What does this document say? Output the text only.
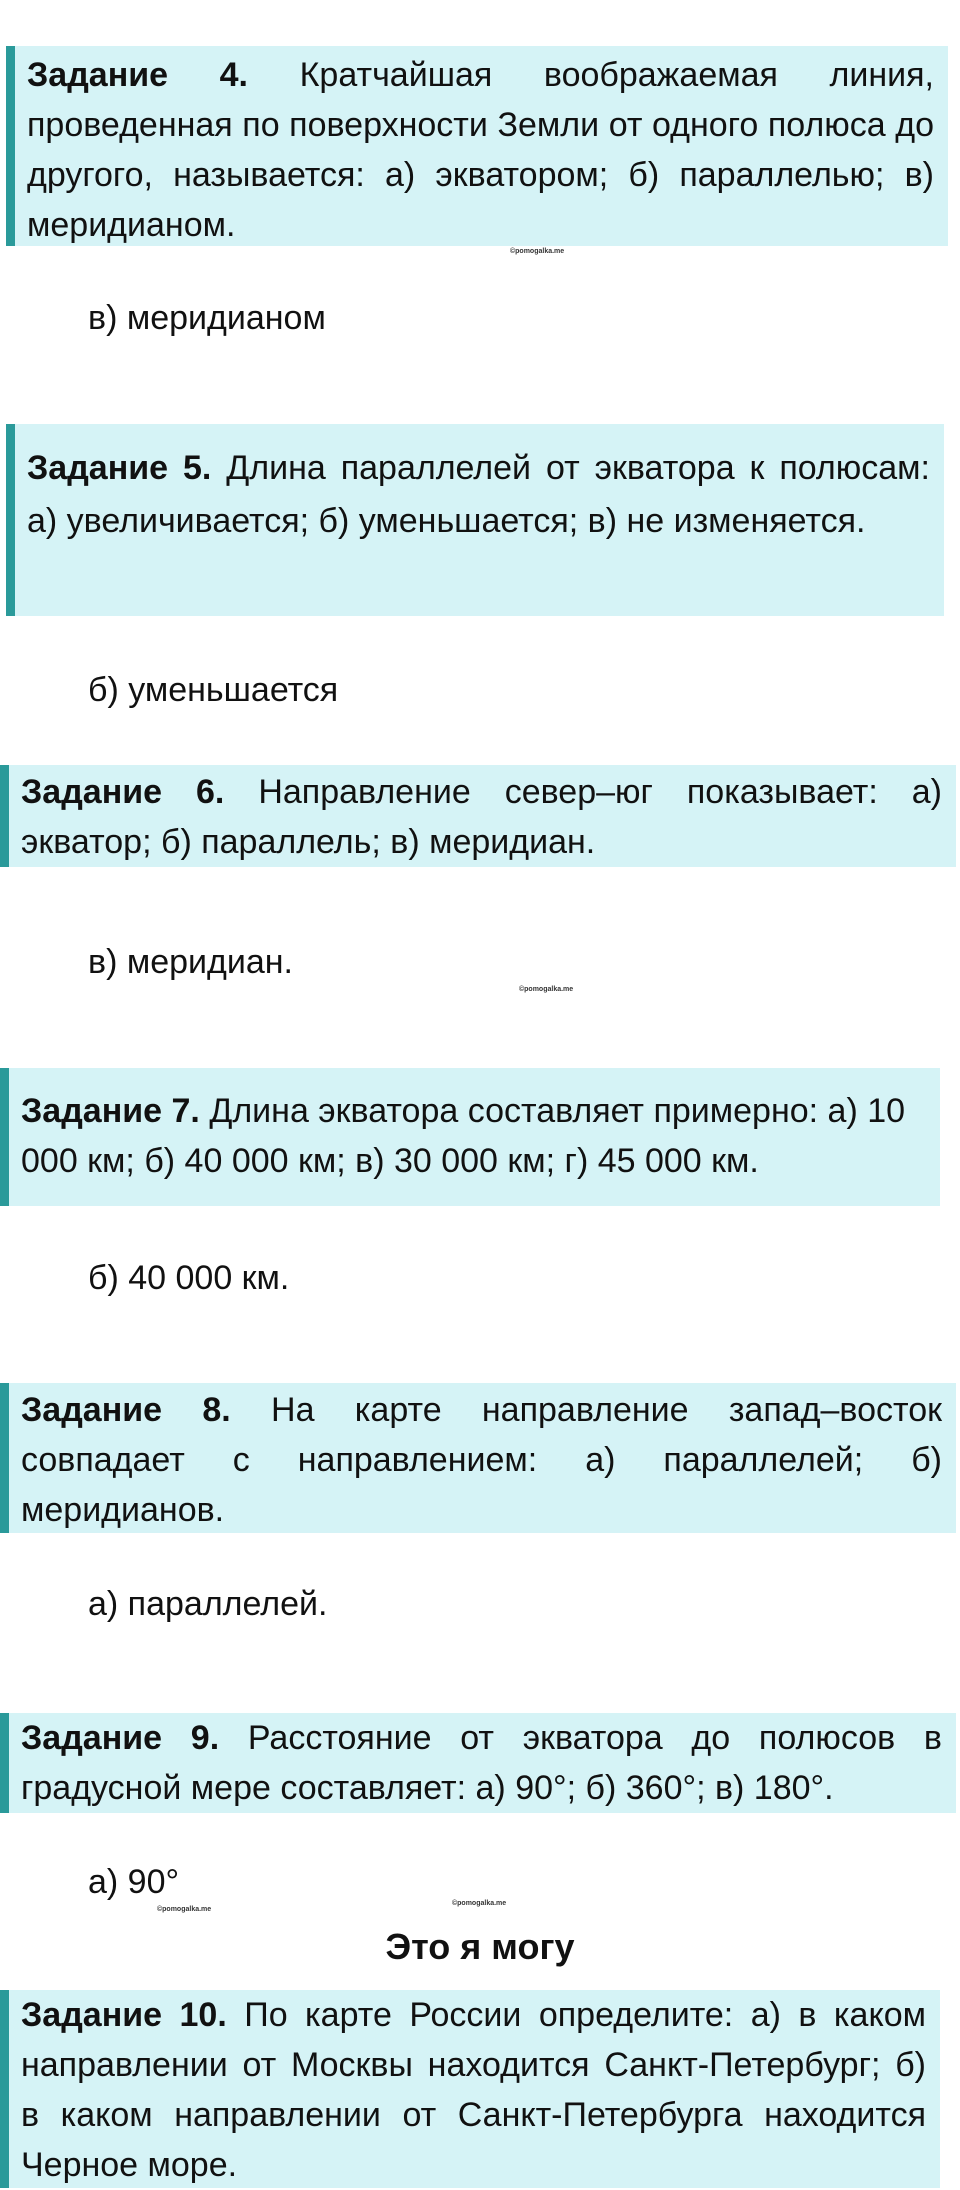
Задание 4. Кратчайшая воображаемая линия, проведенная по поверхности Земли от одного полюса до другого, называется: а) экватором; б) параллелью; в) меридианом.
©pomogalka.me
в) меридианом
Задание 5. Длина параллелей от экватора к полюсам: а) увеличивается; б) уменьшается; в) не изменяется.
б) уменьшается
Задание 6. Направление север–юг показывает: а) экватор; б) параллель; в) меридиан.
в) меридиан.
©pomogalka.me
Задание 7. Длина экватора составляет примерно: а) 10 000 км; б) 40 000 км; в) 30 000 км; г) 45 000 км.
б) 40 000 км.
Задание 8. На карте направление запад–восток совпадает с направлением: а) параллелей; б) меридианов.
а) параллелей.
Задание 9. Расстояние от экватора до полюсов в градусной мере составляет: а) 90°; б) 360°; в) 180°.
а) 90°
©pomogalka.me
©pomogalka.me
Это я могу
Задание 10. По карте России определите: а) в каком направлении от Москвы находится Санкт-Петербург; б) в каком направлении от Санкт-Петербурга находится Черное море.
